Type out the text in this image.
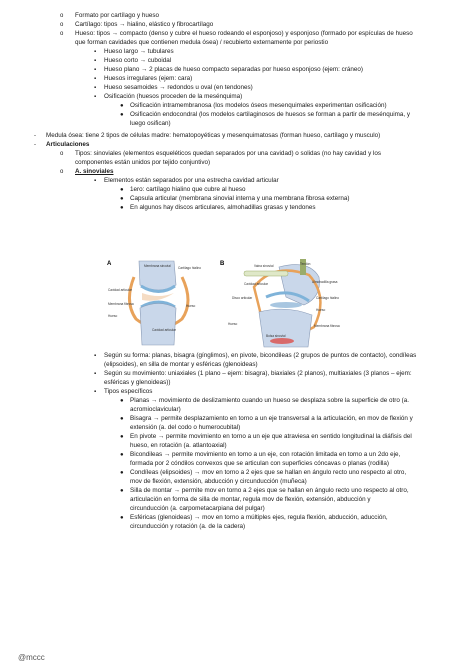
o Formato por cartílago y hueso
o Cartílago: tipos → hialino, elástico y fibrocartílago
o Hueso: tipos → compacto (denso y cubre el hueso rodeando el esponjoso) y esponjoso (formado por espículas de hueso
que forman cavidades que contienen medula ósea) / recubierto externamente por periostio
▪ Hueso largo → tubulares
▪ Hueso corto → cuboidal
▪ Hueso plano → 2 placas de hueso compacto separadas por hueso esponjoso (ejem: cráneo)
▪ Huesos irregulares (ejem: cara)
▪ Hueso sesamoides → redondos u oval (en tendones)
▪ Osificación (huesos proceden de la mesénquima)
● Osificación intramembranosa (los modelos óseos mesenquimales experimentan osificación)
● Osificación endocondral (los modelos cartilaginosos de huesos se forman a partir de mesénquima, y
luego osifican)
- Medula ósea: tiene 2 tipos de células madre: hematopoyéticas y mesenquimatosas (forman hueso, cartílago y musculo)
- Articulaciones
o Tipos: sinoviales (elementos esqueléticos quedan separados por una cavidad) o solidas (no hay cavidad y los
componentes están unidos por tejido conjuntivo)
o A. sinoviales
▪ Elementos están separados por una estrecha cavidad articular
● 1ero: cartílago hialino que cubre al hueso
● Capsula articular (membrana sinovial interna y una membrana fibrosa externa)
● En algunos hay discos articulares, almohadillas grasas y tendones
A	Membrana sinovial Cartílago hialino
Cavidad articular
Membrana fibrosa
Hueso
Cavidad articular
Hueso
B	Tendón
Vaina sinovial
Cavidad articular	Almohadilla grasa
Disco articular	Cartílago hialino
Hueso
Membrana fibrosa
Bolsa sinovial
Hueso
▪ Según su forma: planas, bisagra (gínglimos), en pivote, bicondileas (2 grupos de puntos de contacto), condíleas
(elipsoides), en silla de montar y esféricas (glenoideas)
▪ Según su movimiento: uniaxiales (1 plano – ejem: bisagra), biaxiales (2 planos), multiaxiales (3 planos – ejem:
esféricas y glenoideas))
▪ Tipos específicos
● Planas → movimiento de deslizamiento cuando un hueso se desplaza sobre la superficie de otro (a.
acromioclavicular)
● Bisagra → permite desplazamiento en torno a un eje transversal a la articulación, en mov de flexión y
extensión (a. del codo o humerocubital)
● En pivote → permite movimiento en torno a un eje que atraviesa en sentido longitudinal la diáfisis del
hueso, en rotación (a. atlantoaxial)
● Bicondileas → permite movimiento en torno a un eje, con rotación limitada en torno a un 2do eje,
formada por 2 cóndilos convexos que se articulan con superficies cóncavas o planas (rodilla)
● Condíleas (elipsoides) → mov en torno a 2 ejes que se hallan en ángulo recto uno respecto al otro,
mov de flexión, extensión, abducción y circunducción (muñeca)
● Silla de montar → permite mov en torno a 2 ejes que se hallan en ángulo recto uno respecto al otro,
articulación en forma de silla de montar, regula mov de flexión, extensión, abducción y
circunducción (a. carpometacarpiana del pulgar)
● Esféricas (glenoideas) → mov en torno a múltiples ejes, regula flexión, abducción, aducción,
circunducción y rotación (a. de la cadera)
@mccc
